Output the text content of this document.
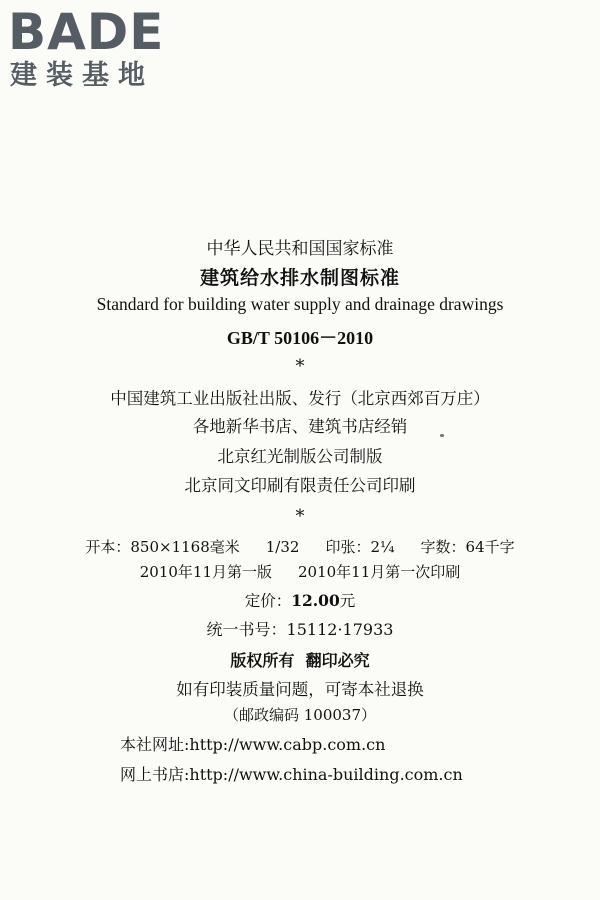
BADE
建装基地
中华人民共和国国家标准
建筑给水排水制图标准
Standard for building water supply and drainage drawings
GB/T 50106－2010
*
中国建筑工业出版社出版、发行（北京西郊百万庄）
各地新华书店、建筑书店经销
北京红光制版公司制版
北京同文印刷有限责任公司印刷
*
开本：850×1168毫米 1/32 印张：2¼ 字数：64千字
2010年11月第一版 2010年11月第一次印刷
定价：12.00元
统一书号：15112·17933
版权所有  翻印必究
如有印装质量问题，可寄本社退换
（邮政编码 100037）
本社网址:http://www.cabp.com.cn
网上书店:http://www.china-building.com.cn
